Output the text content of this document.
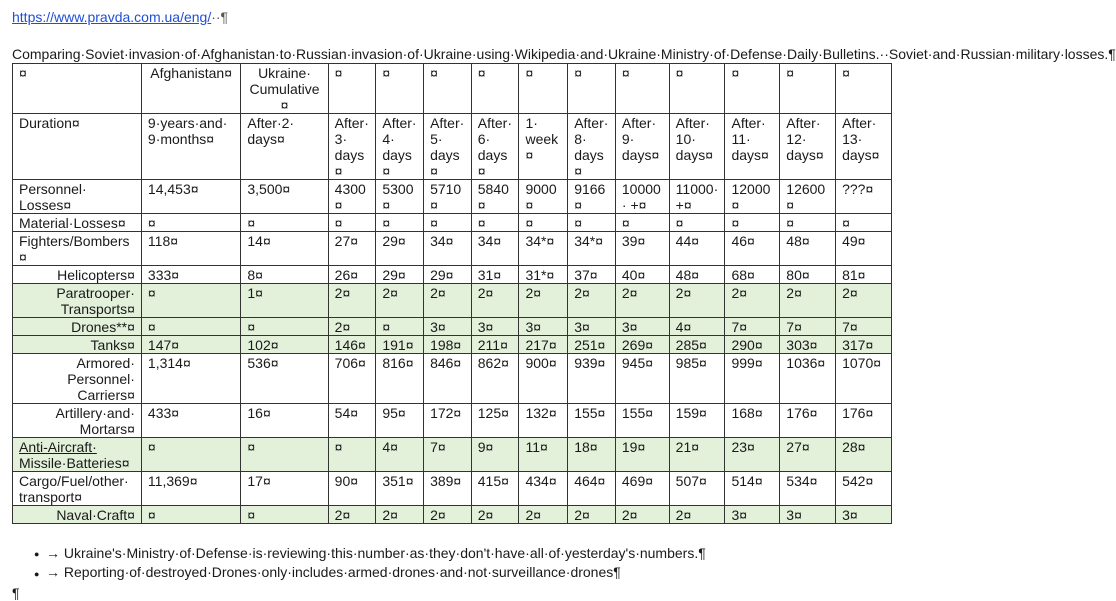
https://www.pravda.com.ua/eng/··¶

Comparing·Soviet·invasion·of·Afghanistan·to·Russian·invasion·of·Ukraine·using·Wikipedia·and·Ukraine·Ministry·of·Defense·Daily·Bulletins.··Soviet·and·Russian·military·losses.¶

¤	Afghanistan¤	Ukraine· Cumulative¤	¤	¤	¤	¤	¤	¤	¤	¤	¤	¤	¤
Duration¤	9·years·and· 9·months¤	After·2· days¤	After· 3· days¤	After· 4· days¤	After· 5· days¤	After· 6· days¤	1· week¤	After· 8· days¤	After· 9· days¤	After· 10· days¤	After· 11· days¤	After· 12· days¤	After· 13· days¤
Personnel· Losses¤	14,453¤	3,500¤	4300¤	5300¤	5710¤	5840¤	9000¤	9166¤	10000· +¤	11000· +¤	12000¤	12600¤	???¤
Material·Losses¤	¤	¤	¤	¤	¤	¤	¤	¤	¤	¤	¤	¤	¤
Fighters/Bombers¤	118¤	14¤	27¤	29¤	34¤	34¤	34*¤	34*¤	39¤	44¤	46¤	48¤	49¤
Helicopters¤	333¤	8¤	26¤	29¤	29¤	31¤	31*¤	37¤	40¤	48¤	68¤	80¤	81¤
Paratrooper· Transports¤	¤	1¤	2¤	2¤	2¤	2¤	2¤	2¤	2¤	2¤	2¤	2¤	2¤
Drones**¤	¤	¤	2¤	¤	3¤	3¤	3¤	3¤	3¤	4¤	7¤	7¤	7¤
Tanks¤	147¤	102¤	146¤	191¤	198¤	211¤	217¤	251¤	269¤	285¤	290¤	303¤	317¤
Armored· Personnel· Carriers¤	1,314¤	536¤	706¤	816¤	846¤	862¤	900¤	939¤	945¤	985¤	999¤	1036¤	1070¤
Artillery·and· Mortars¤	433¤	16¤	54¤	95¤	172¤	125¤	132¤	155¤	155¤	159¤	168¤	176¤	176¤
Anti-Aircraft· Missile·Batteries¤	¤	¤	¤	4¤	7¤	9¤	11¤	18¤	19¤	21¤	23¤	27¤	28¤
Cargo/Fuel/other· transport¤	11,369¤	17¤	90¤	351¤	389¤	415¤	434¤	464¤	469¤	507¤	514¤	534¤	542¤
Naval·Craft¤	¤	¤	2¤	2¤	2¤	2¤	2¤	2¤	2¤	2¤	3¤	3¤	3¤
● → Ukraine's·Ministry·of·Defense·is·reviewing·this·number·as·they·don't·have·all·of·yesterday's·numbers.¶
● → Reporting·of·destroyed·Drones·only·includes·armed·drones·and·not·surveillance·drones¶
¶
